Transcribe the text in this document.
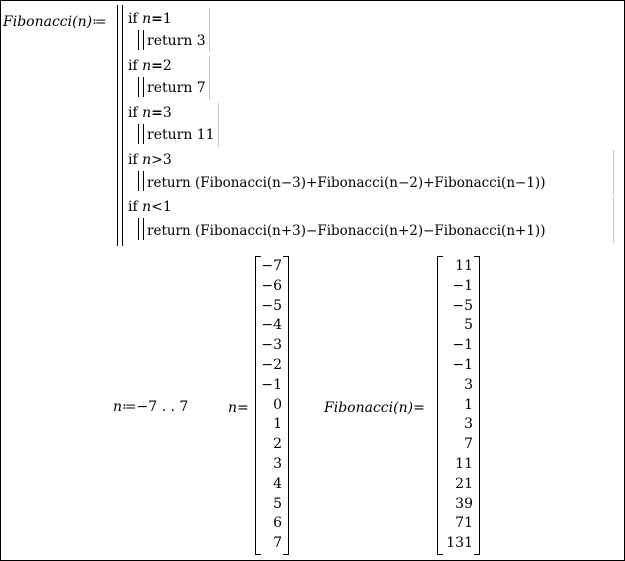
Fibonacci(n)≔ if n=1
return 3
if n=2
return 7
if n=3
return 11
if n>3
return (Fibonacci(n−3)+Fibonacci(n−2)+Fibonacci(n−1))
if n<1
return (Fibonacci(n+3)−Fibonacci(n+2)−Fibonacci(n+1))
n≔−7 . . 7	n=
−7
−6
−5
−4
−3
−2
−1
0
1
2
3
4
5
6
7
Fibonacci(n)=
11
−1
−5
5
−1
−1
3
1
3
7
11
21
39
71
131
